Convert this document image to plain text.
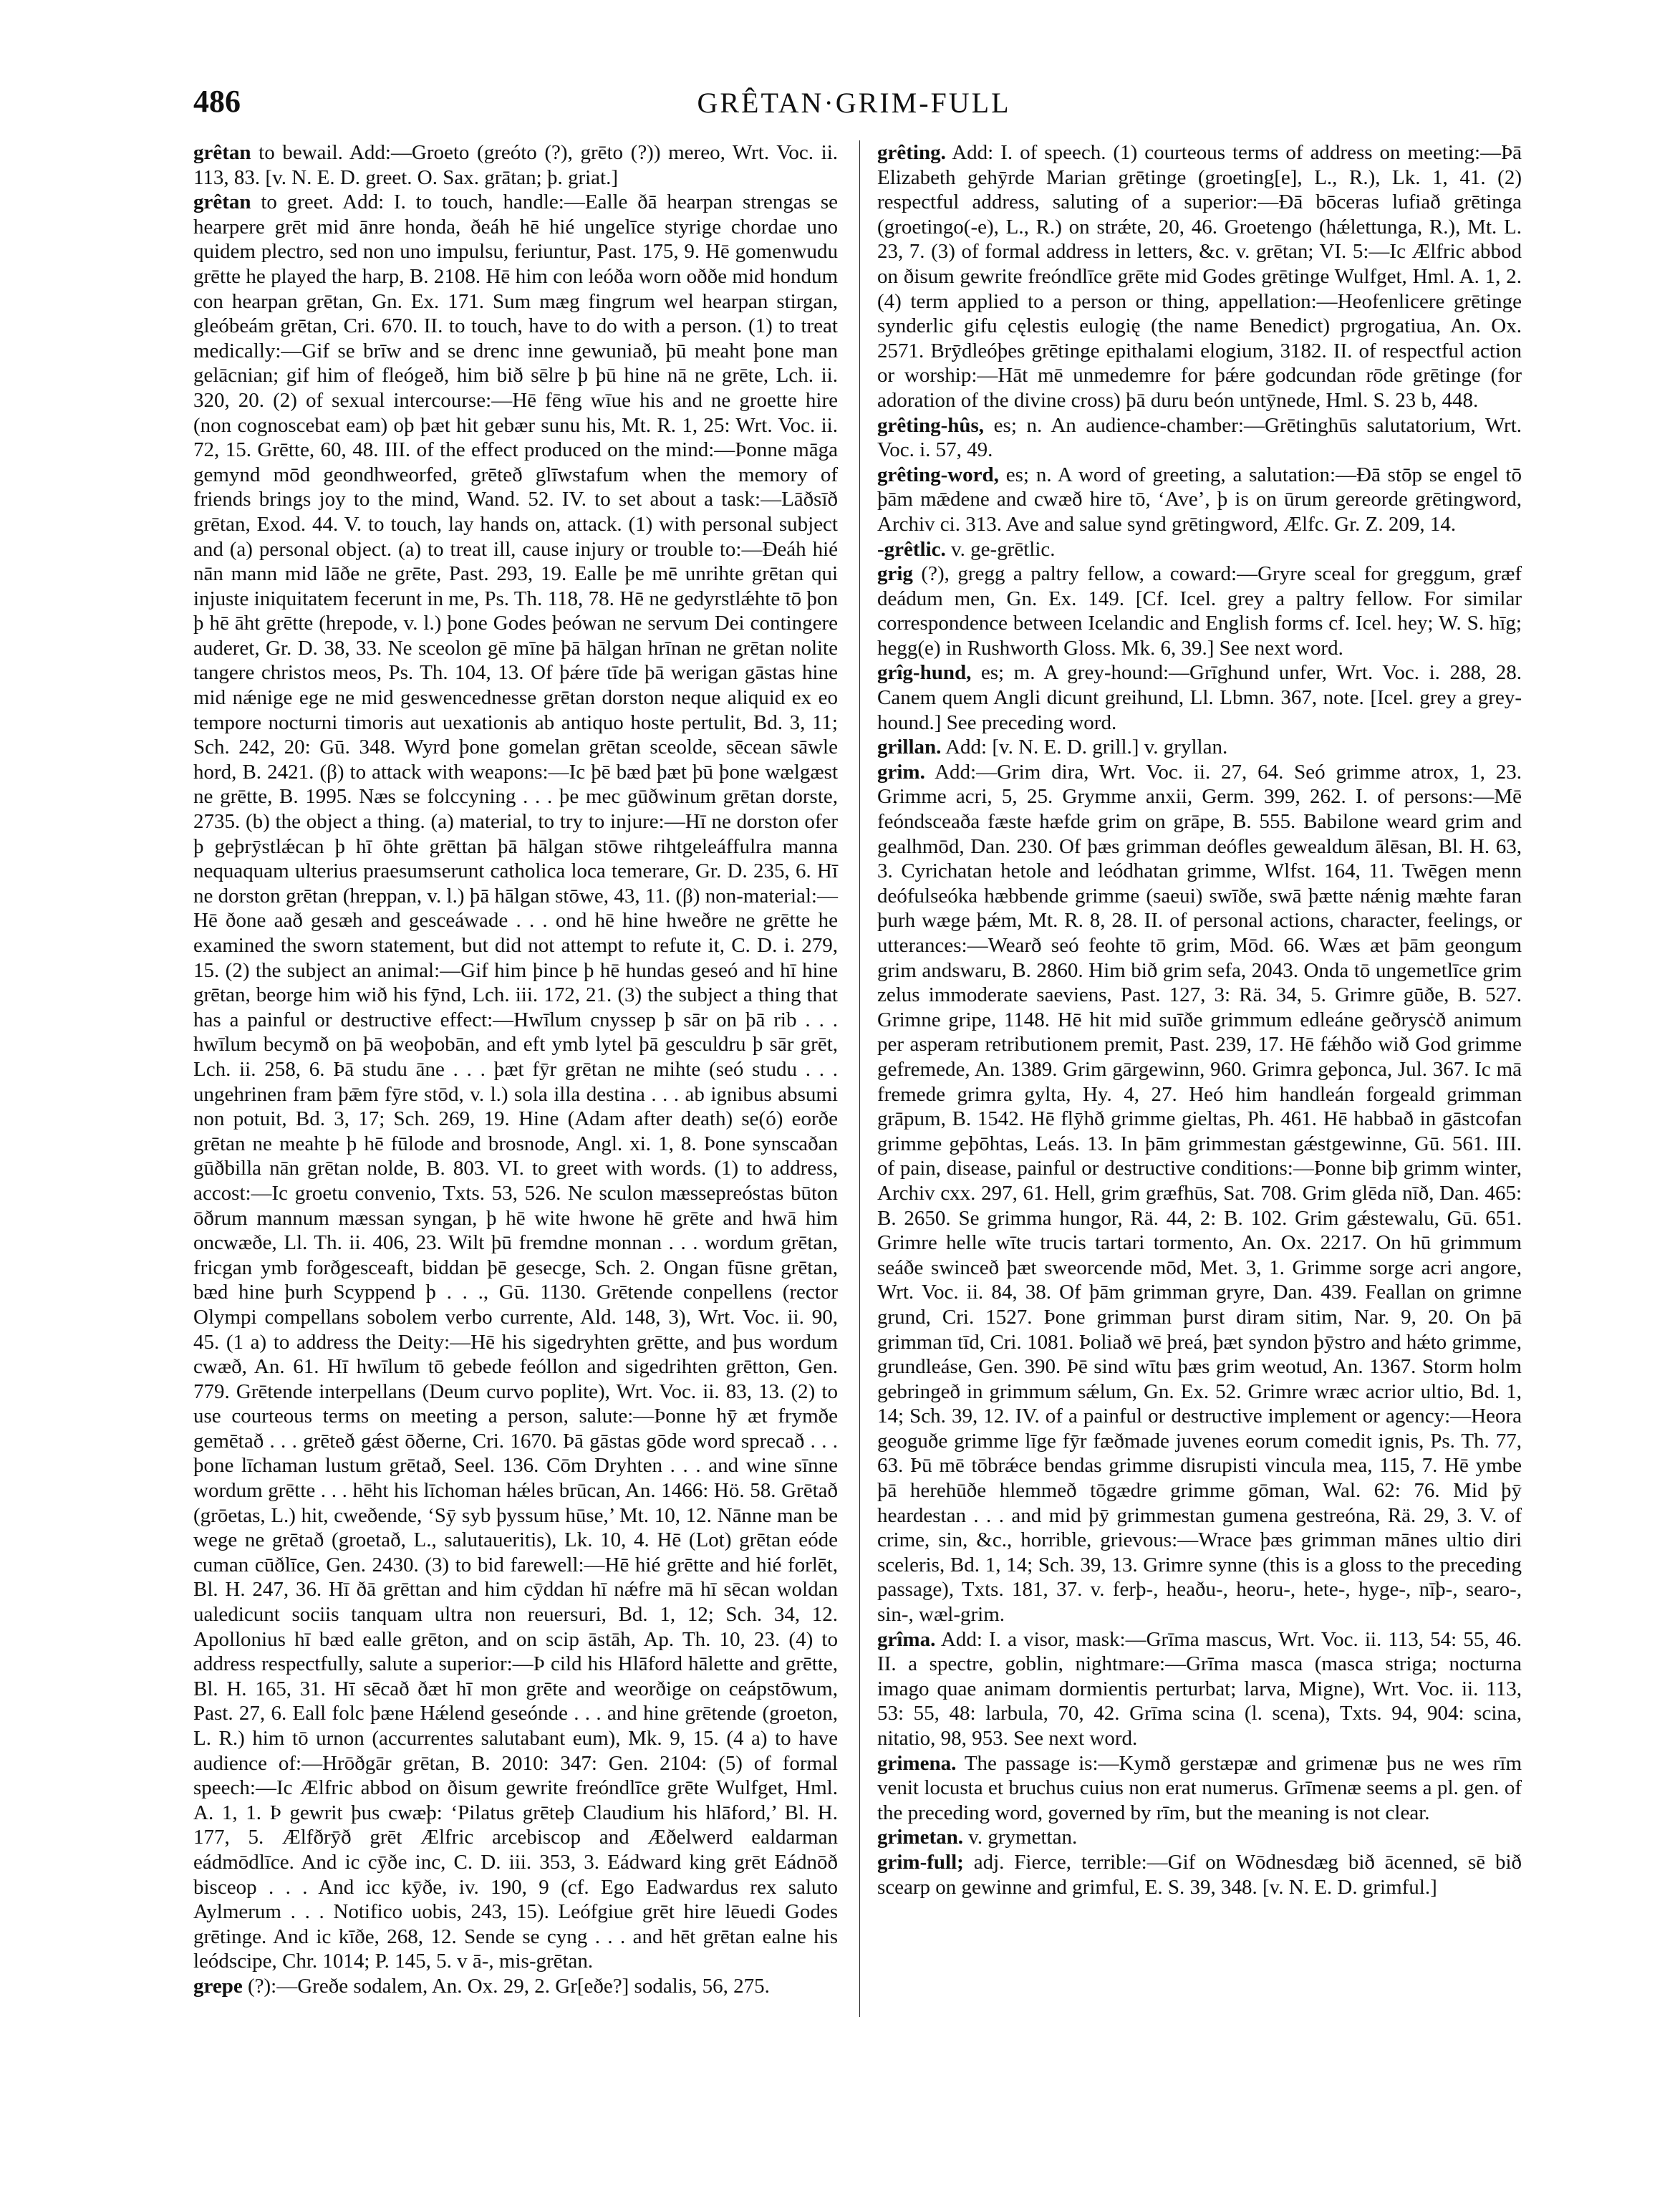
486	GRÊTAN·GRIM-FULL

grêtan to bewail. Add:—Groeto (greóto (?), grēto (?)) mereo, Wrt. Voc. ii. 113, 83. [v. N. E. D. greet. O. Sax. grātan; þ. griat.]

grêtan to greet. Add: I. to touch, handle:—Ealle ðā hearpan strengas se hearpere grēt mid ānre honda, ðeáh hē hié ungelīce styrige chordae uno quidem plectro, sed non uno impulsu, feriuntur, Past. 175, 9. Hē gomenwudu grētte he played the harp, B. 2108. Hē him con leóða worn oððe mid hondum con hearpan grētan, Gn. Ex. 171. Sum mæg fingrum wel hearpan stirgan, gleóbeám grētan, Cri. 670. II. to touch, have to do with a person. (1) to treat medically:—Gif se brīw and se drenc inne gewuniað, þū meaht þone man gelācnian; gif him of fleógeð, him bið sēlre þ þū hine nā ne grēte, Lch. ii. 320, 20. (2) of sexual intercourse:—Hē fēng wīue his and ne groette hire (non cognoscebat eam) oþ þæt hit gebær sunu his, Mt. R. 1, 25: Wrt. Voc. ii. 72, 15. Grētte, 60, 48. III. of the effect produced on the mind:—Þonne māga gemynd mōd geondhweorfed, grēteð glīwstafum when the memory of friends brings joy to the mind, Wand. 52. IV. to set about a task:—Lāðsīð grētan, Exod. 44. V. to touch, lay hands on, attack. (1) with personal subject and (a) personal object. (a) to treat ill, cause injury or trouble to:—Ðeáh hié nān mann mid lāðe ne grēte, Past. 293, 19. Ealle þe mē unrihte grētan qui injuste iniquitatem fecerunt in me, Ps. Th. 118, 78. Hē ne gedyrstlǽhte tō þon þ hē āht grētte (hrepode, v. l.) þone Godes þeówan ne servum Dei contingere auderet, Gr. D. 38, 33. Ne sceolon gē mīne þā hālgan hrīnan ne grētan nolite tangere christos meos, Ps. Th. 104, 13. Of þǽre tīde þā werigan gāstas hine mid nǽnige ege ne mid geswencednesse grētan dorston neque aliquid ex eo tempore nocturni timoris aut uexationis ab antiquo hoste pertulit, Bd. 3, 11; Sch. 242, 20: Gū. 348. Wyrd þone gomelan grētan sceolde, sēcean sāwle hord, B. 2421. (β) to attack with weapons:—Ic þē bæd þæt þū þone wælgæst ne grētte, B. 1995. Næs se folccyning . . . þe mec gūðwinum grētan dorste, 2735. (b) the object a thing. (a) material, to try to injure:—Hī ne dorston ofer þ geþrȳstlǽcan þ hī ōhte grēttan þā hālgan stōwe rihtgeleáffulra manna nequaquam ulterius praesumserunt catholica loca temerare, Gr. D. 235, 6. Hī ne dorston grētan (hreppan, v. l.) þā hālgan stōwe, 43, 11. (β) non-material:—Hē ðone aað gesæh and gesceáwade . . . ond hē hine hweðre ne grētte he examined the sworn statement, but did not attempt to refute it, C. D. i. 279, 15. (2) the subject an animal:—Gif him þince þ hē hundas geseó and hī hine grētan, beorge him wið his fȳnd, Lch. iii. 172, 21. (3) the subject a thing that has a painful or destructive effect:—Hwīlum cnyssep þ sār on þā rib . . . hwīlum becymð on þā weoþobān, and eft ymb lytel þā gesculdru þ sār grēt, Lch. ii. 258, 6. Þā studu āne . . . þæt fȳr grētan ne mihte (seó studu . . . ungehrinen fram þǣm fȳre stōd, v. l.) sola illa destina . . . ab ignibus absumi non potuit, Bd. 3, 17; Sch. 269, 19. Hine (Adam after death) se(ó) eorðe grētan ne meahte þ hē fūlode and brosnode, Angl. xi. 1, 8. Þone synscaðan gūðbilla nān grētan nolde, B. 803. VI. to greet with words. (1) to address, accost:—Ic groetu convenio, Txts. 53, 526. Ne sculon mæssepreóstas būton ōðrum mannum mæssan syngan, þ hē wite hwone hē grēte and hwā him oncwæðe, Ll. Th. ii. 406, 23. Wilt þū fremdne monnan . . . wordum grētan, fricgan ymb forðgesceaft, biddan þē gesecge, Sch. 2. Ongan fūsne grētan, bæd hine þurh Scyppend þ . . ., Gū. 1130. Grētende conpellens (rector Olympi compellans sobolem verbo currente, Ald. 148, 3), Wrt. Voc. ii. 90, 45. (1 a) to address the Deity:—Hē his sigedryhten grētte, and þus wordum cwæð, An. 61. Hī hwīlum tō gebede feóllon and sigedrihten grētton, Gen. 779. Grētende interpellans (Deum curvo poplite), Wrt. Voc. ii. 83, 13. (2) to use courteous terms on meeting a person, salute:—Þonne hȳ æt frymðe gemētað . . . grēteð gǽst ōðerne, Cri. 1670. Þā gāstas gōde word sprecað . . . þone līchaman lustum grētað, Seel. 136. Cōm Dryhten . . . and wine sīnne wordum grētte . . . hēht his līchoman hǽles brūcan, An. 1466: Hö. 58. Grētað (grōetas, L.) hit, cweðende, ‘Sȳ syb þyssum hūse,’ Mt. 10, 12. Nānne man be wege ne grētað (groetað, L., salutaueritis), Lk. 10, 4. Hē (Lot) grētan eóde cuman cūðlīce, Gen. 2430. (3) to bid farewell:—Hē hié grētte and hié forlēt, Bl. H. 247, 36. Hī ðā grēttan and him cȳddan hī nǽfre mā hī sēcan woldan ualedicunt sociis tanquam ultra non reuersuri, Bd. 1, 12; Sch. 34, 12. Apollonius hī bæd ealle grēton, and on scip āstāh, Ap. Th. 10, 23. (4) to address respectfully, salute a superior:—Þ cild his Hlāford hālette and grētte, Bl. H. 165, 31. Hī sēcað ðæt hī mon grēte and weorðige on ceápstōwum, Past. 27, 6. Eall folc þæne Hǽlend geseónde . . . and hine grētende (groeton, L. R.) him tō urnon (accurrentes salutabant eum), Mk. 9, 15. (4 a) to have audience of:—Hrōðgār grētan, B. 2010: 347: Gen. 2104: (5) of formal speech:—Ic Ælfric abbod on ðisum gewrite freóndlīce grēte Wulfget, Hml. A. 1, 1. Þ gewrit þus cwæþ: ‘Pilatus grēteþ Claudium his hlāford,’ Bl. H. 177, 5. Ælfðrȳð grēt Ælfric arcebiscop and Æðelwerd ealdarman eádmōdlīce. And ic cȳðe inc, C. D. iii. 353, 3. Eádward king grēt Eádnōð bisceop . . . And icc kȳðe, iv. 190, 9 (cf. Ego Eadwardus rex saluto Aylmerum . . . Notifico uobis, 243, 15). Leófgiue grēt hire lēuedi Godes grētinge. And ic kīðe, 268, 12. Sende se cyng . . . and hēt grētan ealne his leódscipe, Chr. 1014; P. 145, 5. v ā-, mis-grētan.

grepe (?):—Greðe sodalem, An. Ox. 29, 2. Gr[eðe?] sodalis, 56, 275.

grêting. Add: I. of speech. (1) courteous terms of address on meeting:—Þā Elizabeth gehȳrde Marian grētinge (groeting[e], L., R.), Lk. 1, 41. (2) respectful address, saluting of a superior:—Ðā bōceras lufiað grētinga (groetingo(-e), L., R.) on strǽte, 20, 46. Groetengo (hǽlettunga, R.), Mt. L. 23, 7. (3) of formal address in letters, &c. v. grētan; VI. 5:—Ic Ælfric abbod on ðisum gewrite freóndlīce grēte mid Godes grētinge Wulfget, Hml. A. 1, 2. (4) term applied to a person or thing, appellation:—Heofenlicere grētinge synderlic gifu cęlestis eulogię (the name Benedict) prgrogatiua, An. Ox. 2571. Brȳdleóþes grētinge epithalami elogium, 3182. II. of respectful action or worship:—Hāt mē unmedemre for þǽre godcundan rōde grētinge (for adoration of the divine cross) þā duru beón untȳnede, Hml. S. 23 b, 448.

grêting-hûs, es; n. An audience-chamber:—Grētinghūs salutatorium, Wrt. Voc. i. 57, 49.

grêting-word, es; n. A word of greeting, a salutation:—Ðā stōp se engel tō þām mǣdene and cwæð hire tō, ‘Ave’, þ is on ūrum gereorde grētingword, Archiv ci. 313. Ave and salue synd grētingword, Ælfc. Gr. Z. 209, 14.

-grêtlic. v. ge-grētlic.

grig (?), gregg a paltry fellow, a coward:—Gryre sceal for greggum, græf deádum men, Gn. Ex. 149. [Cf. Icel. grey a paltry fellow. For similar correspondence between Icelandic and English forms cf. Icel. hey; W. S. hīg; hegg(e) in Rushworth Gloss. Mk. 6, 39.] See next word.

grîg-hund, es; m. A grey-hound:—Grīghund unfer, Wrt. Voc. i. 288, 28. Canem quem Angli dicunt greihund, Ll. Lbmn. 367, note. [Icel. grey a grey-hound.] See preceding word.

grillan. Add: [v. N. E. D. grill.] v. gryllan.

grim. Add:—Grim dira, Wrt. Voc. ii. 27, 64. Seó grimme atrox, 1, 23. Grimme acri, 5, 25. Grymme anxii, Germ. 399, 262. I. of persons:—Mē feóndsceaða fæste hæfde grim on grāpe, B. 555. Babilone weard grim and gealhmōd, Dan. 230. Of þæs grimman deófles gewealdum ālēsan, Bl. H. 63, 3. Cyrichatan hetole and leódhatan grimme, Wlfst. 164, 11. Twēgen menn deófulseóka hæbbende grimme (saeui) swīðe, swā þætte nǽnig mæhte faran þurh wæge þǽm, Mt. R. 8, 28. II. of personal actions, character, feelings, or utterances:—Wearð seó feohte tō grim, Mōd. 66. Wæs æt þām geongum grim andswaru, B. 2860. Him bið grim sefa, 2043. Onda tō ungemetlīce grim zelus immoderate saeviens, Past. 127, 3: Rä. 34, 5. Grimre gūðe, B. 527. Grimne gripe, 1148. Hē hit mid suīðe grimmum edleáne geðrysċð animum per asperam retributionem premit, Past. 239, 17. Hē fǽhðo wið God grimme gefremede, An. 1389. Grim gārgewinn, 960. Grimra geþonca, Jul. 367. Ic mā fremede grimra gylta, Hy. 4, 27. Heó him handleán forgeald grimman grāpum, B. 1542. Hē flȳhð grimme gieltas, Ph. 461. Hē habbað in gāstcofan grimme geþōhtas, Leás. 13. In þām grimmestan gǽstgewinne, Gū. 561. III. of pain, disease, painful or destructive conditions:—Þonne biþ grimm winter, Archiv cxx. 297, 61. Hell, grim græfhūs, Sat. 708. Grim glēda nīð, Dan. 465: B. 2650. Se grimma hungor, Rä. 44, 2: B. 102. Grim gǽstewalu, Gū. 651. Grimre helle wīte trucis tartari tormento, An. Ox. 2217. On hū grimmum seáðe swinceð þæt sweorcende mōd, Met. 3, 1. Grimme sorge acri angore, Wrt. Voc. ii. 84, 38. Of þām grimman gryre, Dan. 439. Feallan on grimne grund, Cri. 1527. Þone grimman þurst diram sitim, Nar. 9, 20. On þā grimman tīd, Cri. 1081. Þoliað wē þreá, þæt syndon þȳstro and hǽto grimme, grundleáse, Gen. 390. Þē sind wītu þæs grim weotud, An. 1367. Storm holm gebringeð in grimmum sǽlum, Gn. Ex. 52. Grimre wræc acrior ultio, Bd. 1, 14; Sch. 39, 12. IV. of a painful or destructive implement or agency:—Heora geoguðe grimme līge fȳr fæðmade juvenes eorum comedit ignis, Ps. Th. 77, 63. Þū mē tōbrǽce bendas grimme disrupisti vincula mea, 115, 7. Hē ymbe þā herehūðe hlemmeð tōgædre grimme gōman, Wal. 62: 76. Mid þȳ heardestan . . . and mid þȳ grimmestan gumena gestreóna, Rä. 29, 3. V. of crime, sin, &c., horrible, grievous:—Wrace þæs grimman mānes ultio diri sceleris, Bd. 1, 14; Sch. 39, 13. Grimre synne (this is a gloss to the preceding passage), Txts. 181, 37. v. ferþ-, heaðu-, heoru-, hete-, hyge-, nīþ-, searo-, sin-, wæl-grim.

grîma. Add: I. a visor, mask:—Grīma mascus, Wrt. Voc. ii. 113, 54: 55, 46. II. a spectre, goblin, nightmare:—Grīma masca (masca striga; nocturna imago quae animam dormientis perturbat; larva, Migne), Wrt. Voc. ii. 113, 53: 55, 48: larbula, 70, 42. Grīma scina (l. scena), Txts. 94, 904: scina, nitatio, 98, 953. See next word.

grimena. The passage is:—Kymð gerstæpæ and grimenæ þus ne wes rīm venit locusta et bruchus cuius non erat numerus. Grīmenæ seems a pl. gen. of the preceding word, governed by rīm, but the meaning is not clear.

grimetan. v. grymettan.

grim-full; adj. Fierce, terrible:—Gif on Wōdnesdæg bið ācenned, sē bið scearp on gewinne and grimful, E. S. 39, 348. [v. N. E. D. grimful.]
